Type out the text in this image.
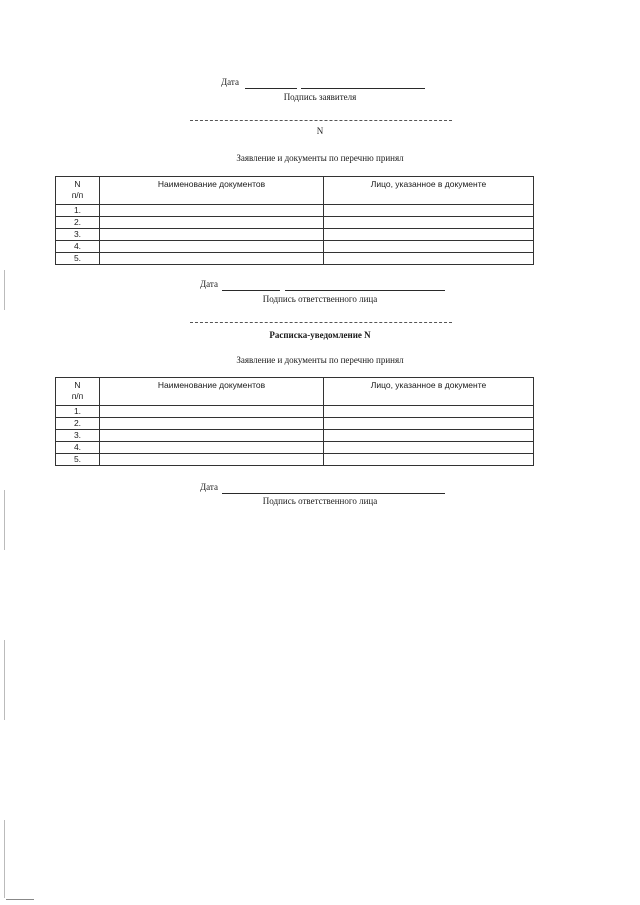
Дата
Подпись заявителя
N
Заявление и документы по перечню принял
N
п/п	Наименование документов	Лицо, указанное в документе
1.		
2.		
3.		
4.		
5.		
Дата
Подпись ответственного лица
Расписка-уведомление N
Заявление и документы по перечню принял
N
п/п	Наименование документов	Лицо, указанное в документе
1.		
2.		
3.		
4.		
5.		
Дата
Подпись ответственного лица
